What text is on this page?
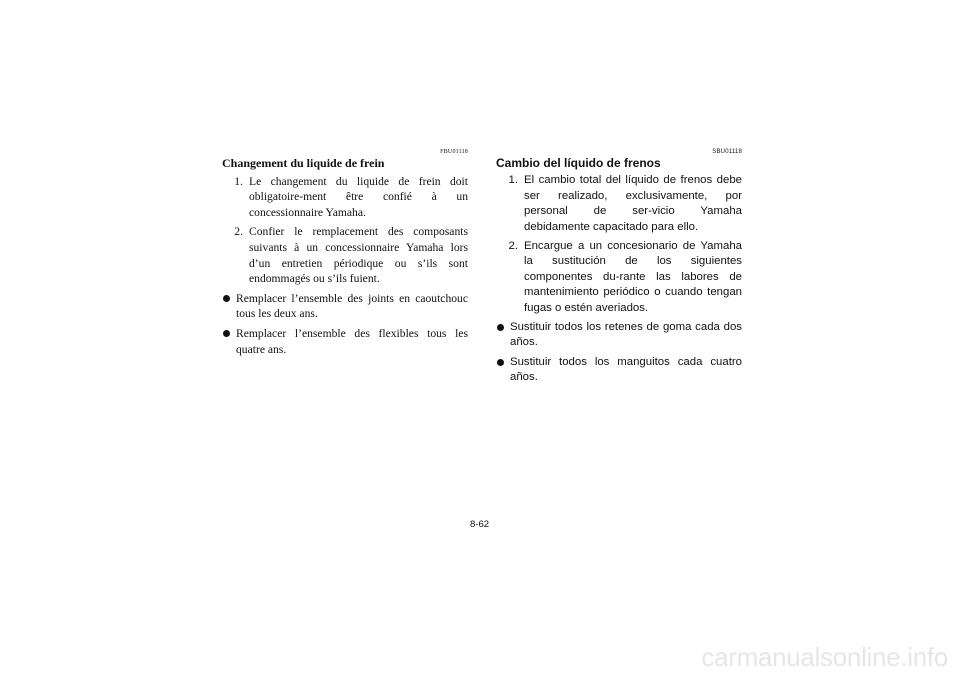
FBU01118
Changement du liquide de frein
1. Le changement du liquide de frein doit obligatoire-ment être confié à un concessionnaire Yamaha.
2. Confier le remplacement des composants suivants à un concessionnaire Yamaha lors d’un entretien périodique ou s’ils sont endommagés ou s’ils fuient.
Remplacer l’ensemble des joints en caoutchouc tous les deux ans.
Remplacer l’ensemble des flexibles tous les quatre ans.
SBU01118
Cambio del líquido de frenos
1. El cambio total del líquido de frenos debe ser realizado, exclusivamente, por personal de ser-vicio Yamaha debidamente capacitado para ello.
2. Encargue a un concesionario de Yamaha la sustitución de los siguientes componentes du-rante las labores de mantenimiento periódico o cuando tengan fugas o estén averiados.
Sustituir todos los retenes de goma cada dos años.
Sustituir todos los manguitos cada cuatro años.
8-62
carmanualsonline.info
